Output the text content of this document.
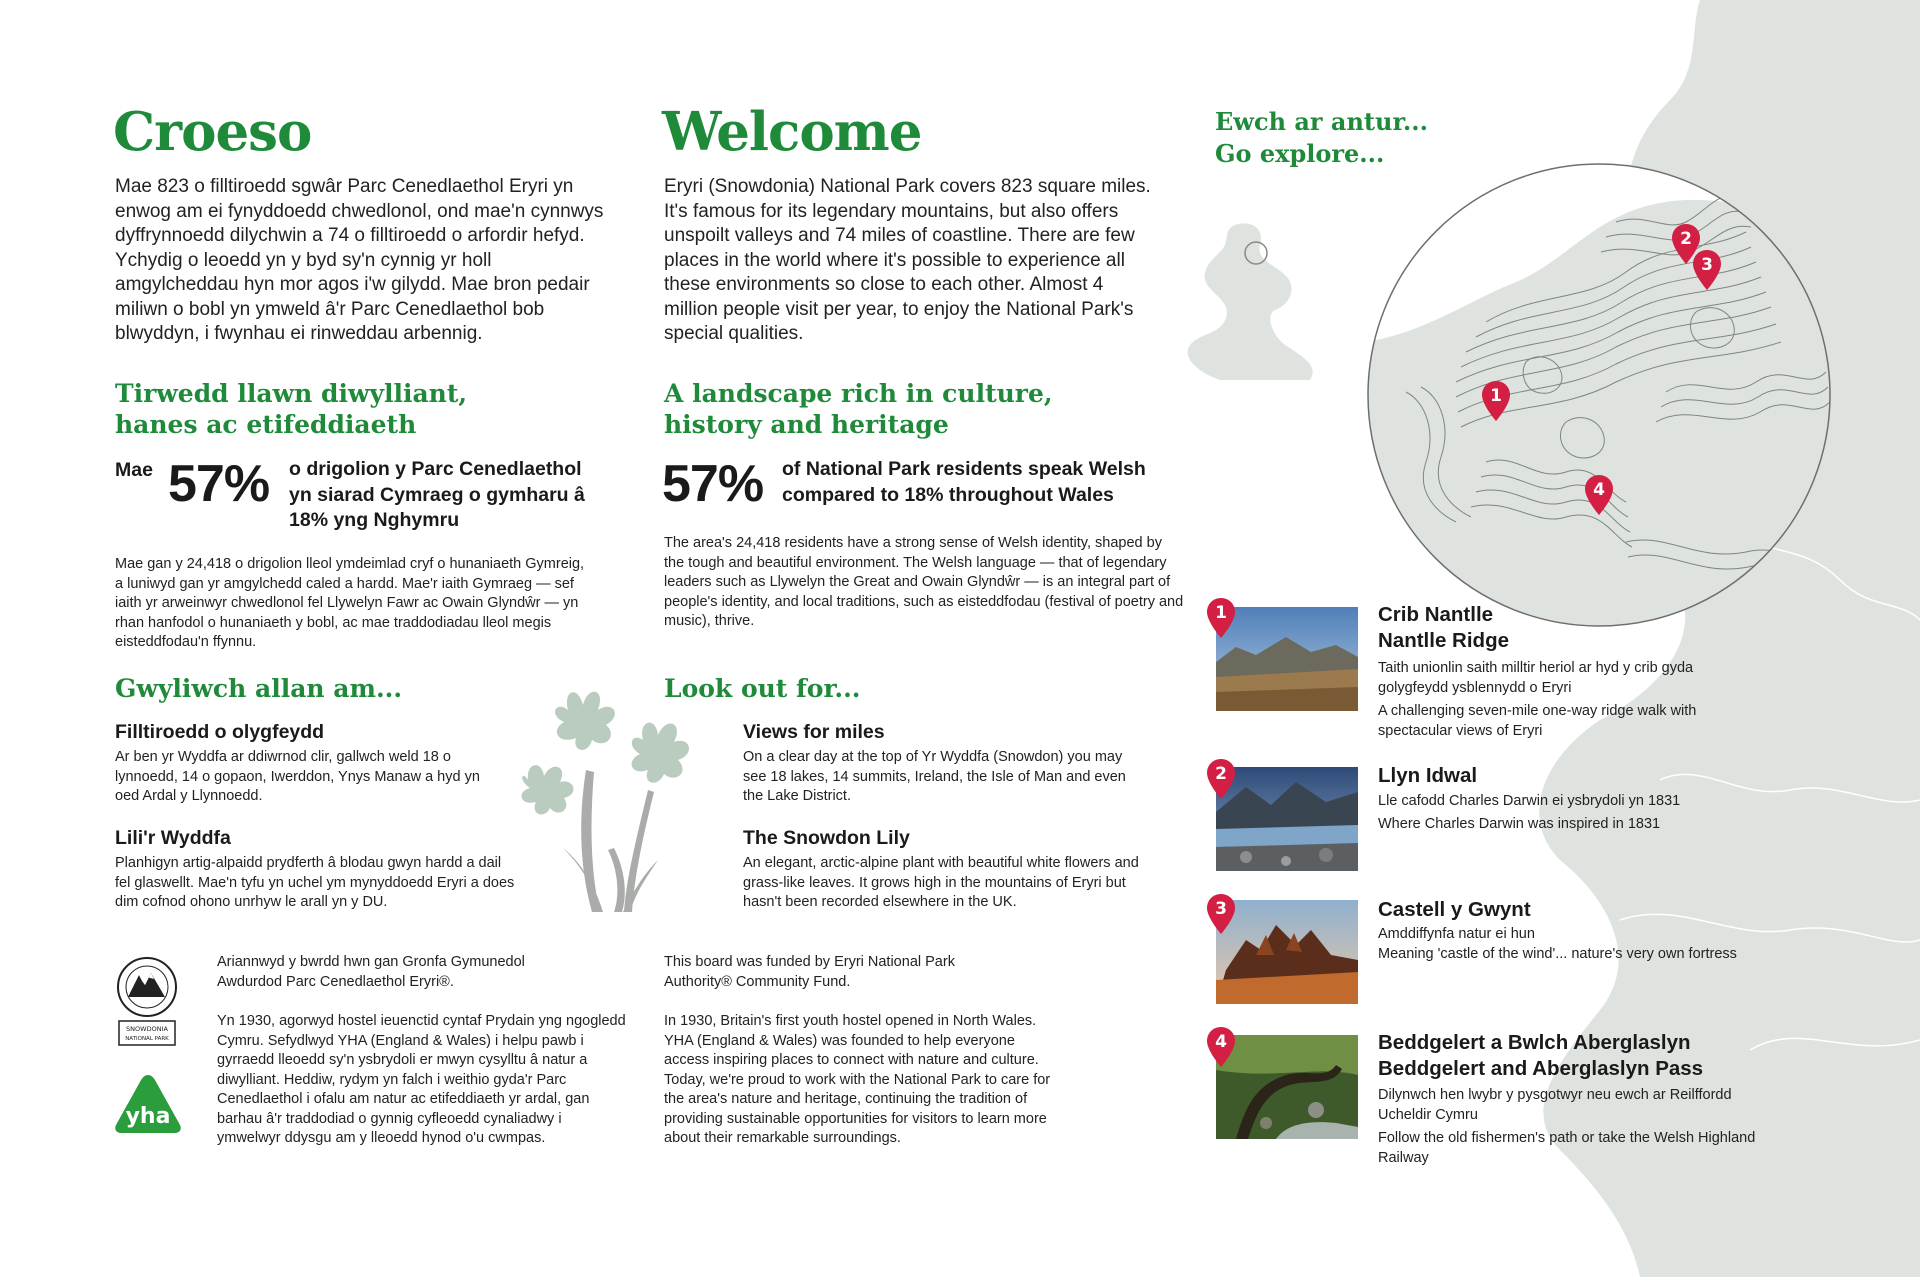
1
2
3
4
Croeso
Mae 823 o filltiroedd sgwâr Parc Cenedlaethol Eryri yn enwog am ei fynyddoedd chwedlonol, ond mae'n cynnwys dyffrynnoedd dilychwin a 74 o filltiroedd o arfordir hefyd. Ychydig o leoedd yn y byd sy'n cynnig yr holl amgylcheddau hyn mor agos i'w gilydd. Mae bron pedair miliwn o bobl yn ymweld â'r Parc Cenedlaethol bob blwyddyn, i fwynhau ei rinweddau arbennig.
Tirwedd llawn diwylliant,
hanes ac etifeddiaeth
Mae 57% o drigolion y Parc Cenedlaethol yn siarad Cymraeg o gymharu â 18% yng Nghymru
Mae gan y 24,418 o drigolion lleol ymdeimlad cryf o hunaniaeth Gymreig, a luniwyd gan yr amgylchedd caled a hardd. Mae'r iaith Gymraeg — sef iaith yr arweinwyr chwedlonol fel Llywelyn Fawr ac Owain Glyndŵr — yn rhan hanfodol o hunaniaeth y bobl, ac mae traddodiadau lleol megis eisteddfodau'n ffynnu.
Gwyliwch allan am...
Filltiroedd o olygfeydd
Ar ben yr Wyddfa ar ddiwrnod clir, gallwch weld 18 o lynnoedd, 14 o gopaon, Iwerddon, Ynys Manaw a hyd yn oed Ardal y Llynnoedd.
Lili'r Wyddfa
Planhigyn artig-alpaidd prydferth â blodau gwyn hardd a dail fel glaswellt. Mae'n tyfu yn uchel ym mynyddoedd Eryri a does dim cofnod ohono unrhyw le arall yn y DU.
SNOWDONIA
NATIONAL PARK
yha
Ariannwyd y bwrdd hwn gan Gronfa Gymunedol Awdurdod Parc Cenedlaethol Eryri®.
Yn 1930, agorwyd hostel ieuenctid cyntaf Prydain yng ngogledd Cymru. Sefydlwyd YHA (England & Wales) i helpu pawb i gyrraedd lleoedd sy'n ysbrydoli er mwyn cysylltu â natur a diwylliant. Heddiw, rydym yn falch i weithio gyda'r Parc Cenedlaethol i ofalu am natur ac etifeddiaeth yr ardal, gan barhau â'r traddodiad o gynnig cyfleoedd cynaliadwy i ymwelwyr ddysgu am y lleoedd hynod o'u cwmpas.
Welcome
Eryri (Snowdonia) National Park covers 823 square miles. It's famous for its legendary mountains, but also offers unspoilt valleys and 74 miles of coastline. There are few places in the world where it's possible to experience all these environments so close to each other. Almost 4 million people visit per year, to enjoy the National Park's special qualities.
A landscape rich in culture,
history and heritage
57% of National Park residents speak Welsh compared to 18% throughout Wales
The area's 24,418 residents have a strong sense of Welsh identity, shaped by the tough and beautiful environment. The Welsh language — that of legendary leaders such as Llywelyn the Great and Owain Glyndŵr — is an integral part of people's identity, and local traditions, such as eisteddfodau (festival of poetry and music), thrive.
Look out for...
Views for miles
On a clear day at the top of Yr Wyddfa (Snowdon) you may see 18 lakes, 14 summits, Ireland, the Isle of Man and even the Lake District.
The Snowdon Lily
An elegant, arctic-alpine plant with beautiful white flowers and grass-like leaves. It grows high in the mountains of Eryri but hasn't been recorded elsewhere in the UK.
This board was funded by Eryri National Park Authority® Community Fund.
In 1930, Britain's first youth hostel opened in North Wales. YHA (England & Wales) was founded to help everyone access inspiring places to connect with nature and culture. Today, we're proud to work with the National Park to care for the area's nature and heritage, continuing the tradition of providing sustainable opportunities for visitors to learn more about their remarkable surroundings.
Ewch ar antur...
Go explore...
1	Crib Nantlle
Nantlle Ridge
Taith unionlin saith milltir heriol ar hyd y crib gyda golygfeydd ysblennydd o Eryri
A challenging seven-mile one-way ridge walk with spectacular views of Eryri
2	Llyn Idwal
Lle cafodd Charles Darwin ei ysbrydoli yn 1831
Where Charles Darwin was inspired in 1831
3	Castell y Gwynt
Amddiffynfa natur ei hun
Meaning 'castle of the wind'... nature's very own fortress
4	Beddgelert a Bwlch Aberglaslyn
Beddgelert and Aberglaslyn Pass
Dilynwch hen lwybr y pysgotwyr neu ewch ar Reilffordd Ucheldir Cymru
Follow the old fishermen's path or take the Welsh Highland Railway
